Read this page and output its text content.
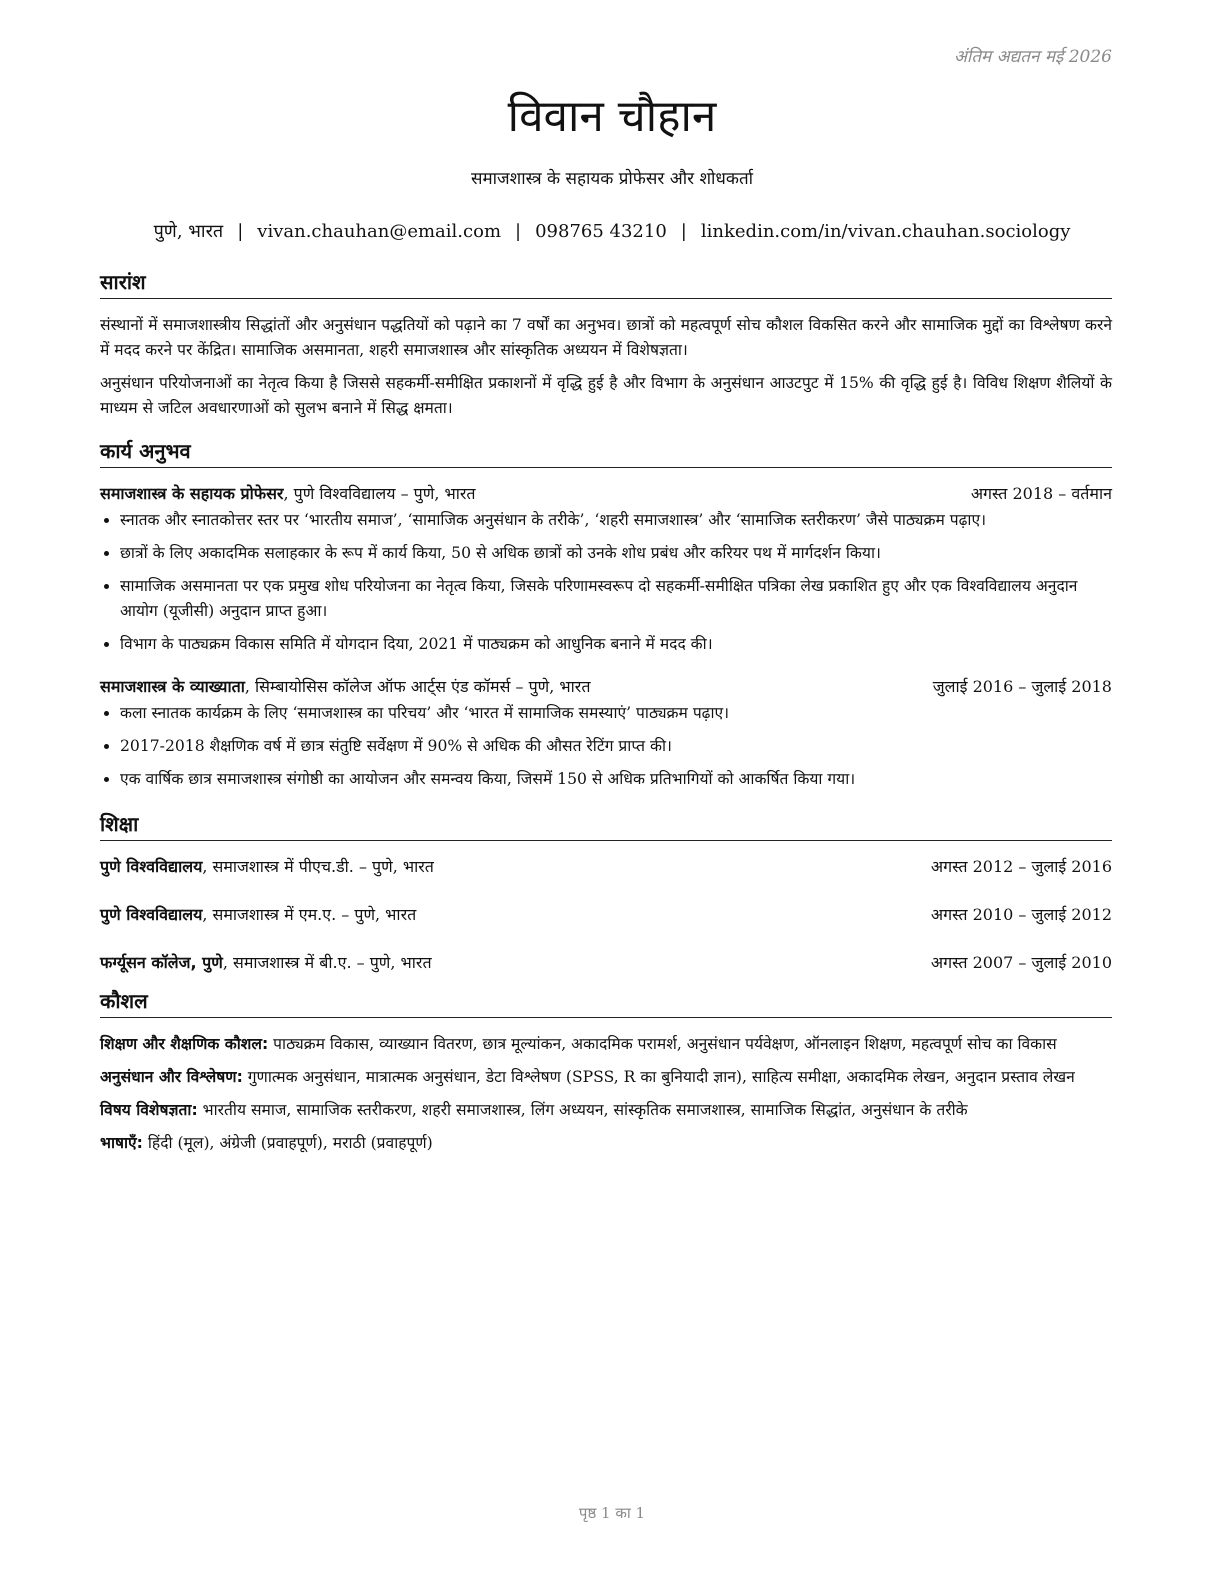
अंतिम अद्यतन मई 2026
विवान चौहान
समाजशास्त्र के सहायक प्रोफेसर और शोधकर्ता
पुणे, भारत | vivan.chauhan@email.com | 098765 43210 | linkedin.com/in/vivan.chauhan.sociology
सारांश

संस्थानों में समाजशास्त्रीय सिद्धांतों और अनुसंधान पद्धतियों को पढ़ाने का 7 वर्षों का अनुभव। छात्रों को महत्वपूर्ण सोच कौशल विकसित करने और सामाजिक मुद्दों का विश्लेषण करने में मदद करने पर केंद्रित। सामाजिक असमानता, शहरी समाजशास्त्र और सांस्कृतिक अध्ययन में विशेषज्ञता।

अनुसंधान परियोजनाओं का नेतृत्व किया है जिससे सहकर्मी-समीक्षित प्रकाशनों में वृद्धि हुई है और विभाग के अनुसंधान आउटपुट में 15% की वृद्धि हुई है। विविध शिक्षण शैलियों के माध्यम से जटिल अवधारणाओं को सुलभ बनाने में सिद्ध क्षमता।

कार्य अनुभव
समाजशास्त्र के सहायक प्रोफेसर, पुणे विश्वविद्यालय – पुणे, भारत	अगस्त 2018 – वर्तमान
• स्नातक और स्नातकोत्तर स्तर पर ‘भारतीय समाज’, ‘सामाजिक अनुसंधान के तरीके’, ‘शहरी समाजशास्त्र’ और ‘सामाजिक स्तरीकरण’ जैसे पाठ्यक्रम पढ़ाए।
• छात्रों के लिए अकादमिक सलाहकार के रूप में कार्य किया, 50 से अधिक छात्रों को उनके शोध प्रबंध और करियर पथ में मार्गदर्शन किया।
• सामाजिक असमानता पर एक प्रमुख शोध परियोजना का नेतृत्व किया, जिसके परिणामस्वरूप दो सहकर्मी-समीक्षित पत्रिका लेख प्रकाशित हुए और एक विश्वविद्यालय अनुदान आयोग (यूजीसी) अनुदान प्राप्त हुआ।
• विभाग के पाठ्यक्रम विकास समिति में योगदान दिया, 2021 में पाठ्यक्रम को आधुनिक बनाने में मदद की।
समाजशास्त्र के व्याख्याता, सिम्बायोसिस कॉलेज ऑफ आर्ट्स एंड कॉमर्स – पुणे, भारत	जुलाई 2016 – जुलाई 2018
• कला स्नातक कार्यक्रम के लिए ‘समाजशास्त्र का परिचय’ और ‘भारत में सामाजिक समस्याएं’ पाठ्यक्रम पढ़ाए।
• 2017-2018 शैक्षणिक वर्ष में छात्र संतुष्टि सर्वेक्षण में 90% से अधिक की औसत रेटिंग प्राप्त की।
• एक वार्षिक छात्र समाजशास्त्र संगोष्ठी का आयोजन और समन्वय किया, जिसमें 150 से अधिक प्रतिभागियों को आकर्षित किया गया।
शिक्षा
पुणे विश्वविद्यालय, समाजशास्त्र में पीएच.डी. – पुणे, भारत	अगस्त 2012 – जुलाई 2016
पुणे विश्वविद्यालय, समाजशास्त्र में एम.ए. – पुणे, भारत	अगस्त 2010 – जुलाई 2012
फर्ग्यूसन कॉलेज, पुणे, समाजशास्त्र में बी.ए. – पुणे, भारत	अगस्त 2007 – जुलाई 2010
कौशल
शिक्षण और शैक्षणिक कौशल: पाठ्यक्रम विकास, व्याख्यान वितरण, छात्र मूल्यांकन, अकादमिक परामर्श, अनुसंधान पर्यवेक्षण, ऑनलाइन शिक्षण, महत्वपूर्ण सोच का विकास
अनुसंधान और विश्लेषण: गुणात्मक अनुसंधान, मात्रात्मक अनुसंधान, डेटा विश्लेषण (SPSS, R का बुनियादी ज्ञान), साहित्य समीक्षा, अकादमिक लेखन, अनुदान प्रस्ताव लेखन
विषय विशेषज्ञता: भारतीय समाज, सामाजिक स्तरीकरण, शहरी समाजशास्त्र, लिंग अध्ययन, सांस्कृतिक समाजशास्त्र, सामाजिक सिद्धांत, अनुसंधान के तरीके
भाषाएँ: हिंदी (मूल), अंग्रेजी (प्रवाहपूर्ण), मराठी (प्रवाहपूर्ण)
पृष्ठ 1 का 1
